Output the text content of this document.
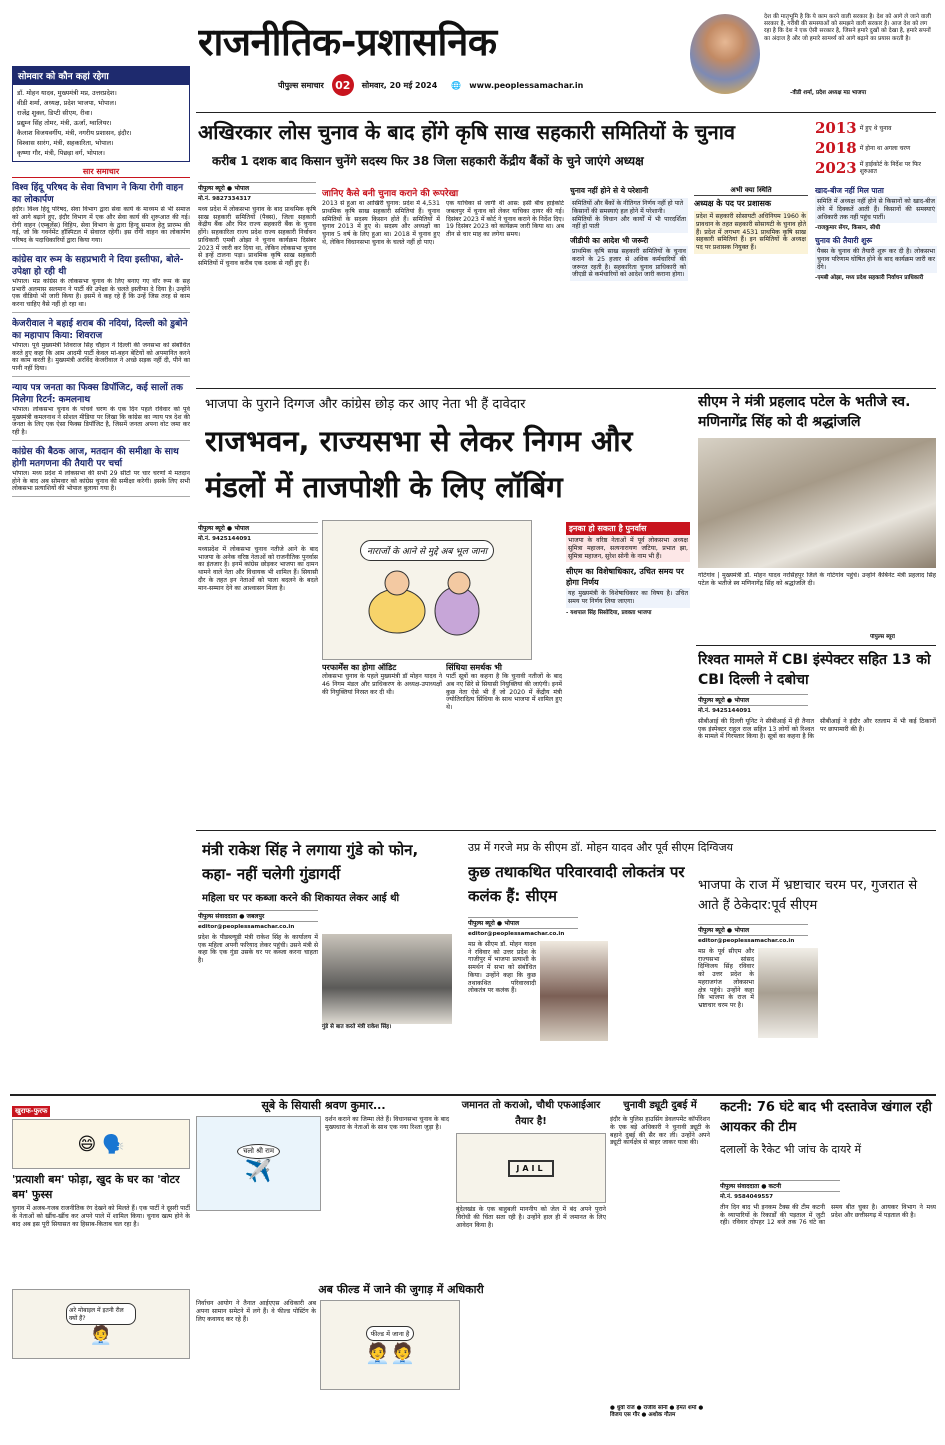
राजनीतिक-प्रशासनिक
पीपुल्स समाचार	02	सोमवार, 20 मई 2024 🌐 www.peoplessamachar.in
देश की मातृभूमि है कि ये काम करने वाली सरकार है। देश को आगे ले जाने वाली सरकार है, गरीबी की समस्याओं को समझने वाली सरकार है। आज देश को लग रहा है कि देश ने एक ऐसी सरकार है, जिसने हमारे दुखों को देखा है, हमारे सपनों का अंदाज है और जो हमारे सामर्थ्य को आगे बढ़ाने का प्रयास करती है।
-वीडी शर्मा, प्रदेश अध्यक्ष मप्र भाजपा
सोमवार को कौन कहां रहेगा
डॉ. मोहन यादव, मुख्यमंत्री मप्र, उत्तरप्रदेश।
वीडी शर्मा, अध्यक्ष, प्रदेश भाजपा, भोपाल।
राजेंद्र शुक्ल, डिप्टी सीएम, रीवा।
प्रद्युम्न सिंह तोमर, मंत्री, ऊर्जा, ग्वालियर।
कैलाश विजयवर्गीय, मंत्री, नगरीय प्रशासन, इंदौर।
विश्वास सारंग, मंत्री, सहकारिता, भोपाल।
कृष्णा गौर, मंत्री, पिछड़ा वर्ग, भोपाल।
सार समाचार
विश्व हिंदू परिषद के सेवा विभाग ने किया रोगी वाहन का लोकार्पण
इंदौर। विश्व हिंदू परिषद, सेवा विभाग द्वारा सेवा कार्य के माध्यम से भी समाज को आगे बढ़ाने हुए, इंदौर विभाग में एक और सेवा कार्य की शुरूआत की गई। रोगी वाहन (एम्बुलेंस) विहिप, सेवा विभाग के द्वारा हिन्दू समाज हेतु प्रारम्भ की गई, जो कि गवर्नमेंट हॉस्पिटल में सेवारत रहेगी। इस रोगी वाहन का लोकार्पण परिषद के पदाधिकारियों द्वारा किया गया।
कांग्रेस वार रूम के सहप्रभारी ने दिया इस्तीफा, बोले- उपेक्षा हो रही थी
भोपाल। मप्र कांग्रेस के लोकसभा चुनाव के लिए बनाए गए वॉर रूम के सह प्रभारी अलमास सलमान ने पार्टी की उपेक्षा के चलते इस्तीफा दे दिया है। उन्होंने एक वीडियो भी जारी किया है। इसमें वे कह रहे हैं कि उन्हें जिस तरह से काम करना चाहिए वैसे नहीं हो रहा था।
केजरीवाल ने बहाई शराब की नदियां, दिल्ली को डुबोने का महापाप किया: शिवराज
भोपाल। पूर्व मुख्यमंत्री शिवराज सिंह चौहान ने दिल्ली की जनसभा को संबोधित करते हुए कहा कि आम आदमी पार्टी केवल मां-बहन बेटियों को अपमानित करने का काम करती है। मुख्यमंत्री अरविंद केजरीवाल ने अच्छे सड़क नहीं दी, पीने का पानी नहीं दिया।
न्याय पत्र जनता का फिक्स डिपॉजिट, कई सालों तक मिलेगा रिटर्न: कमलनाथ
भोपाल। लोकसभा चुनाव के पांचवें चरण के एक दिन पहले रविवार को पूर्व मुख्यमंत्री कमलनाथ ने सोशल मीडिया पर लिखा कि कांग्रेस का न्याय पत्र देश की जनता के लिए एक ऐसा फिक्स डिपॉजिट है, जिसमें जनता अपना वोट जमा कर रही है।
कांग्रेस की बैठक आज, मतदान की समीक्षा के साथ होगी मतगणना की तैयारी पर चर्चा
भोपाल। मध्य प्रदेश में लोकसभा की सभी 29 सीटों पर चार चरणों में मतदान होने के बाद अब सोमवार को कांग्रेस चुनाव की समीक्षा करेगी। इसके लिए सभी लोकसभा प्रत्याशियों की भोपाल बुलाया गया है।
अखिरकार लोस चुनाव के बाद होंगे कृषि साख सहकारी समितियों के चुनाव
करीब 1 दशक बाद किसान चुनेंगे सदस्य फिर 38 जिला सहकारी केंद्रीय बैंकों के चुने जाएंगे अध्यक्ष
पीपुल्स ब्यूरो ● भोपाल
मो.नं. 9827334317
मध्य प्रदेश में लोकसभा चुनाव के बाद प्राथमिक कृषि साख सहकारी समितियों (पैक्स), जिला सहकारी केंद्रीय बैंक और फिर राज्य सहकारी बैंक के चुनाव होंगे। सहकारिता राज्य प्रदेश राज्य सहकारी निर्वाचन प्राधिकारी एमबी ओझा ने चुनाव कार्यक्रम दिसंबर 2023 में जारी कर दिया था, लेकिन लोकसभा चुनाव से इन्हें टालना पड़ा। प्राथमिक कृषि साख सहकारी समितियों में चुनाव करीब एक दशक से नहीं हुए हैं।
जानिए कैसे बनी चुनाव कराने की रूपरेखा
2013 से हुआ था आखिरी चुनाव: प्रदेश में 4,531 प्राथमिक कृषि साख सहकारी समितियां हैं। चुनाव समितियों के सदस्य किसान होते हैं। समितियों में चुनाव 2013 में हुए थे। सदस्य और अध्यक्षों का चुनाव 5 वर्ष के लिए हुआ था। 2018 में चुनाव हुए थे, लेकिन विधानसभा चुनाव के चलते नहीं हो पाए।
एक याचिका से जागी थी आस: इसी बीच हाईकोर्ट जबलपुर में चुनाव को लेकर याचिका दायर की गई। दिसंबर 2023 में कोर्ट ने चुनाव कराने के निर्देश दिए। 19 दिसंबर 2023 को कार्यक्रम जारी किया था। अब तीन से चार माह का लगेगा समय।
चुनाव नहीं होने से ये परेशानी
समितियों और बैंकों के नीतिगत निर्णय नहीं हो पाते
किसानों की समस्याएं हल होने में परेशानी।
समितियों के विधान और कार्यों में भी पारदर्शिता नहीं हो पाती
जीडीपी का आदेश भी जरूरी
प्राथमिक कृषि साख सहकारी समितियों के चुनाव कराने के 25 हजार से अधिक कर्मचारियों की जरूरत रहती है। सहकारिता चुनाव प्राधिकारी को जीएडी से कर्मचारियों को आदेश जारी कराना होगा।
अभी क्या स्थिति
अध्यक्ष के पद पर प्रशासक
प्रदेश में सहकारी सोसायटी अधिनियम 1960 के प्रावधान के तहत सहकारी सोसायटी के चुनाव होते हैं। प्रदेश में लगभग 4531 प्राथमिक कृषि साख सहकारी समितियां हैं। इन समितियों के अध्यक्ष पद पर प्रशासक नियुक्त हैं।
2013 में हुए थे चुनाव
2018 में होना था अगला चरण
2023 में हाईकोर्ट के निर्देश पर फिर शुरुआत
खाद-बीज नहीं मिल पाता
समिति में अध्यक्ष नहीं होने से किसानों को खाद-बीज लेने में दिक्कतें आती हैं। किसानों की समस्याएं अधिकारी तक नहीं पहुंच पातीं।
-राजकुमार सेंगर, किसान, सीधी
चुनाव की तैयारी शुरू
पैक्स के चुनाव की तैयारी शुरू कर दी है। लोकसभा चुनाव परिणाम घोषित होने के बाद कार्यक्रम जारी कर देंगे।
-एमबी ओझा, मध्य प्रदेश सहकारी निर्वाचन प्राधिकारी
भाजपा के पुराने दिग्गज और कांग्रेस छोड़ कर आए नेता भी हैं दावेदार
राजभवन, राज्यसभा से लेकर निगम और मंडलों में ताजपोशी के लिए लॉबिंग
पीपुल्स ब्यूरो ● भोपाल
मो.नं. 9425144091
मध्यप्रदेश में लोकसभा चुनाव नतीजे आने के बाद भाजपा के अनेक वरिष्ठ नेताओं को राजनीतिक पुनर्वास का इंतजार है। इनमें कांग्रेस छोड़कर भाजपा का दामन थामने वाले नेता और विधायक भी शामिल हैं। सियासी दौर के तहत इन नेताओं को पाला बदलने के बदले मान-सम्मान देने का आश्वासन मिला है।
नाराजों के आने से मुद्दे अब भूल जाना
परफार्मेंस का होगा ऑडिट
लोकसभा चुनाव के पहले मुख्यमंत्री डॉ मोहन यादव ने 46 निगम मंडल और प्राधिकरण के अध्यक्ष-उपाध्यक्षों की नियुक्तियां निरस्त कर दी थी।
सिंधिया समर्थक भी
पार्टी सूत्रों का कहना है कि चुनावी नतीजों के बाद अब नए सिरे से सियासी नियुक्तियां की जाएंगी। इनमें कुछ नेता ऐसे भी हैं जो 2020 में केंद्रीय मंत्री ज्योतिरादित्य सिंधिया के साथ भाजपा में शामिल हुए थे।
इनका हो सकता है पुनर्वास
भाजपा के वरिष्ठ नेताओं में पूर्व लोकसभा अध्यक्ष सुमित्रा महाजन, सत्यनारायण जटिया, प्रभात झा, सुमित्रा महाजन, सुरेश सोनी के नाम भी हैं।
सीएम का विशेषाधिकार, उचित समय पर होगा निर्णय
यह मुख्यमंत्री के विशेषाधिकार का विषय है। उचित समय पर निर्णय लिया जाएगा।
- यशपाल सिंह सिसोदिया, प्रवक्ता भाजपा
सीएम ने मंत्री प्रहलाद पटेल के भतीजे स्व. मणिनागेंद्र सिंह को दी श्रद्धांजलि
गोटेगांव | मुख्यमंत्री डॉ. मोहन यादव नरसिंहपुर जिले के गोटेगांव पहुंचे। उन्होंने कैबिनेट मंत्री प्रहलाद सिंह पटेल के भतीजे स्व मणिनागेंद्र सिंह को श्रद्धांजलि दी।
पीपुल्स ब्यूरो
रिश्वत मामले में CBI इंस्पेक्टर सहित 13 को CBI दिल्ली ने दबोचा
पीपुल्स ब्यूरो ● भोपाल
मो.नं. 9425144091
सीबीआई की दिल्ली यूनिट ने सीबीआई में ही तैनात एक इंस्पेक्टर राहुल राज सहित 13 लोगों को रिश्वत के मामले में गिरफ्तार किया है। सूत्रों का कहना है कि सीबीआई ने इंदौर और रतलाम में भी कई ठिकानों पर छापामारी की है।
मंत्री राकेश सिंह ने लगाया गुंडे को फोन, कहा- नहीं चलेगी गुंडागर्दी
महिला घर पर कब्जा करने की शिकायत लेकर आई थी
पीपुल्स संवाददाता ● जबलपुर
editor@peoplessamachar.co.in
प्रदेश के पीडब्ल्यूडी मंत्री राकेश सिंह के कार्यालय में एक महिला अपनी फरियाद लेकर पहुंची। उसने मंत्री से कहा कि एक गुंडा उसके घर पर कब्जा करना चाहता है।
गुंडे से बात करते मंत्री राकेश सिंह।
उप्र में गरजे मप्र के सीएम डॉ. मोहन यादव और पूर्व सीएम दिग्विजय
कुछ तथाकथित परिवारवादी लोकतंत्र पर कलंक हैं: सीएम
पीपुल्स ब्यूरो ● भोपाल
editor@peoplessamachar.co.in
मप्र के सीएम डॉ. मोहन यादव ने रविवार को उत्तर प्रदेश के गाजीपुर में भाजपा प्रत्याशी के समर्थन में सभा को संबोधित किया। उन्होंने कहा कि कुछ तथाकथित परिवारवादी लोकतंत्र पर कलंक हैं।
भाजपा के राज में भ्रष्टाचार चरम पर, गुजरात से आते हैं ठेकेदार:पूर्व सीएम
पीपुल्स ब्यूरो ● भोपाल
editor@peoplessamachar.co.in
मप्र के पूर्व सीएम और राज्यसभा सांसद दिग्विजय सिंह रविवार को उत्तर प्रदेश के महराजगंज लोकसभा क्षेत्र पहुंचे। उन्होंने कहा कि भाजपा के राज में भ्रष्टाचार चरम पर है।
खुराफ-फुरफ
😄 🗣️
'प्रत्याशी बम' फोड़ा, खुद के घर का 'वोटर बम' फुस्स
चुनाव में अजब-गजब राजनीतिक रंग देखने को मिलते हैं। एक पार्टी ने दूसरी पार्टी के नेताओं को खींच-खींच कर अपने पाले में शामिल किया। चुनाव खत्म होने के बाद अब इस पूरी सियासत का हिसाब-किताब चल रहा है।
अरे मोबाइल में इतनी रील क्यों हैं?
🧑‍💼
सूबे के सियासी श्रवण कुमार...
चलो श्री राम
✈️
दर्शन कराने का जिम्मा लेते हैं। विधानसभा चुनाव के बाद मुख्यधारा के नेताओं के साथ एक नया रिश्ता जुड़ा है।
जमानत तो कराओ, चौथी एफआईआर तैयार है!
JAIL
बुंदेलखंड के एक बाहुबली माननीय को जेल में बंद अपने पुराने विरोधी की चिंता सता रही है। उन्होंने हाल ही में जमानत के लिए आवेदन किया है।
चुनावी ड्यूटी दुबई में
इंदौर के पुलिस हाउसिंग डेवलपमेंट कॉर्पोरेशन के एक बड़े अधिकारी ने चुनावी ड्यूटी के बहाने दुबई की सैर कर ली। उन्होंने अपने ड्यूटी कार्यक्षेत्र से बाहर जाकर यात्रा की।
अब फील्ड में जाने की जुगाड़ में अधिकारी
निर्वाचन आयोग ने तैनात आईएएस अधिकारी अब अपना सामान समेटने में लगे हैं। वे फील्ड पोस्टिंग के लिए कवायद कर रहे हैं।
फील्ड में जाना है
🧑‍💼🧑‍💼
● धुर्वा राज ● राजीव सोनी ● हेमंत शर्मा ● विजय एस गौर ● अशोक गौतम
कटनी: 76 घंटे बाद भी दस्तावेज खंगाल रही आयकर की टीम
दलालों के रैकेट भी जांच के दायरे में
पीपुल्स संवाददाता ● कटनी
मो.नं. 9584049557
तीन दिन बाद भी इनकम टैक्स की टीम कटनी के व्यापारियों के रिकार्डों की पड़ताल में जुटी रही। रविवार दोपहर 12 बजे तक 76 घंटे का समय बीत चुका है। आयकर विभाग ने मध्य प्रदेश और छत्तीसगढ़ में पड़ताल की है।
